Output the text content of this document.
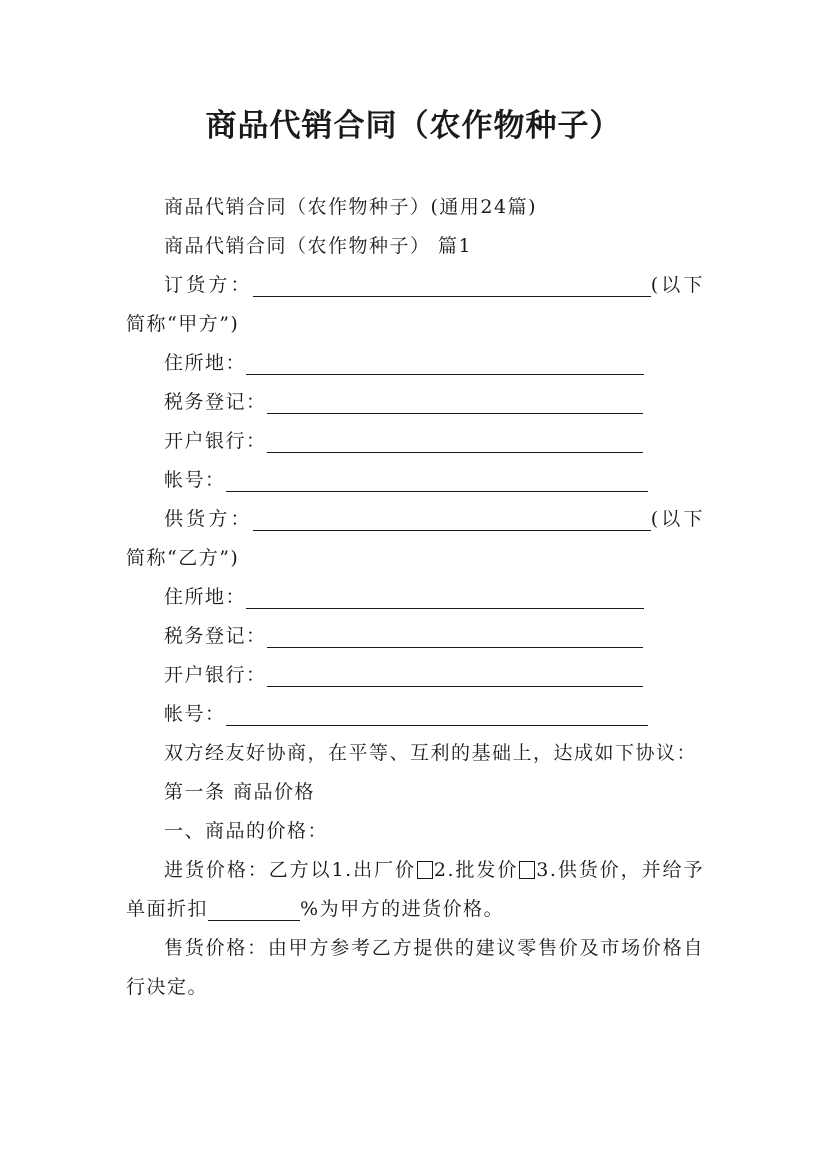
商品代销合同（农作物种子）

商品代销合同（农作物种子）(通用24篇)

商品代销合同（农作物种子） 篇1

订货方：	(以下简称“甲方”)

住所地：

税务登记：

开户银行：

帐号：

供货方：	(以下简称“乙方”)

住所地：

税务登记：

开户银行：

帐号：

双方经友好协商，在平等、互利的基础上，达成如下协议：

第一条 商品价格

一、商品的价格：

进货价格：乙方以1.出厂价 2.批发价 3.供货价，并给予单面折扣	%为甲方的进货价格。

售货价格：由甲方参考乙方提供的建议零售价及市场价格自行决定。
